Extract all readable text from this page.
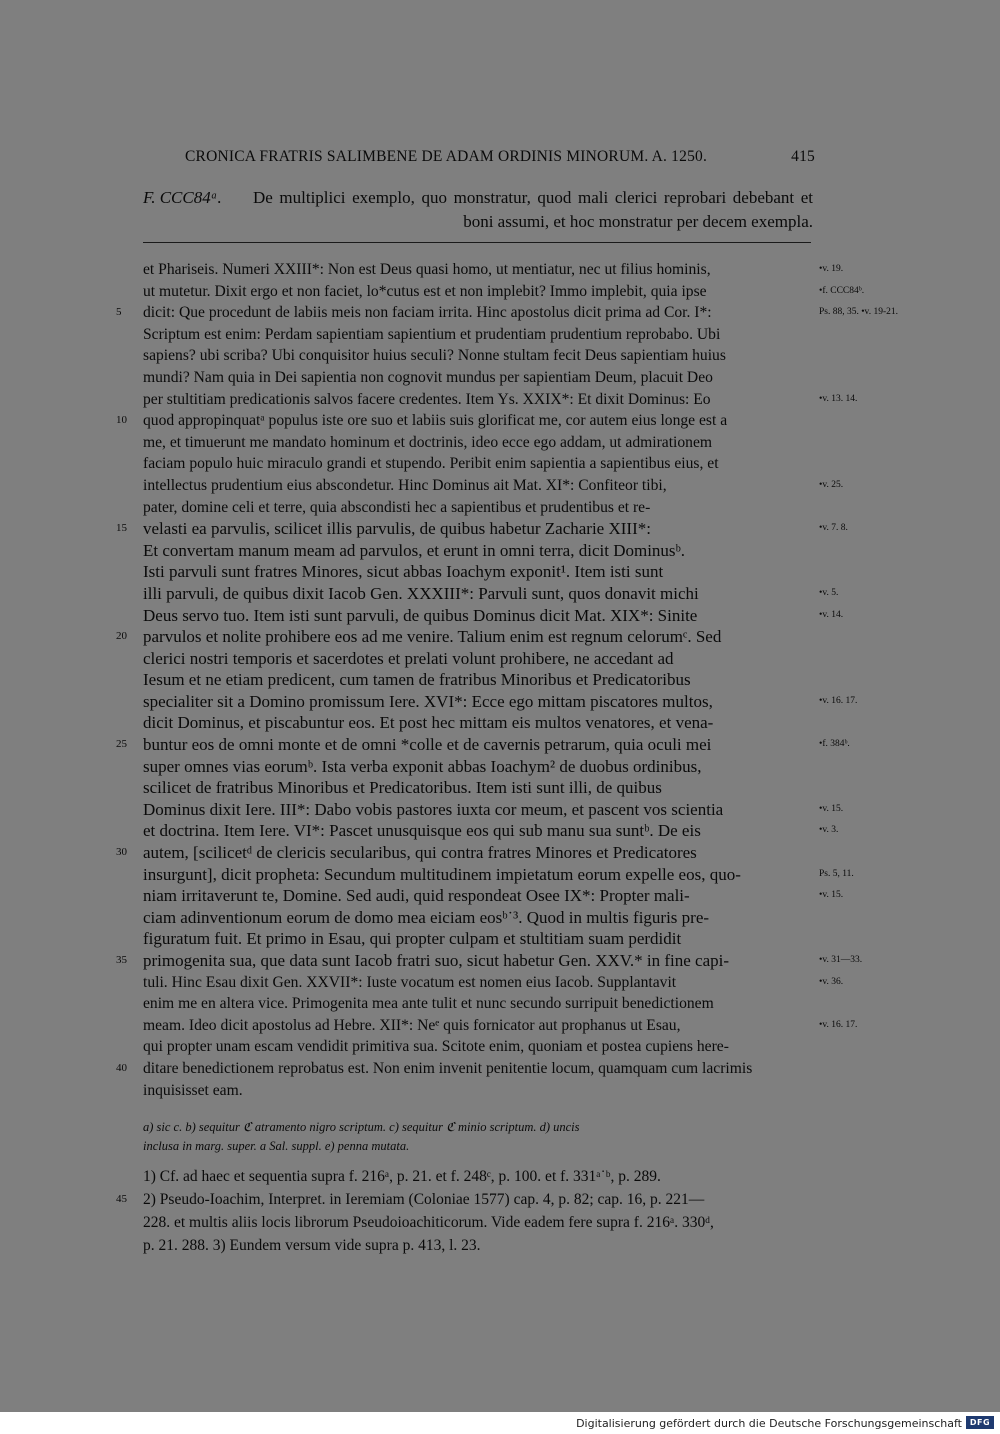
CRONICA FRATRIS SALIMBENE DE ADAM ORDINIS MINORUM. A. 1250.	415
F. CCC84ᵃ. De multiplici exemplo, quo monstratur, quod mali clerici reprobari debebant et boni assumi, et hoc monstratur per decem exempla.
et Phariseis. Numeri XXIII*: Non est Deus quasi homo, ut mentiatur, nec ut filius hominis,	•v. 19.
ut mutetur. Dixit ergo et non faciet, lo*cutus est et non implebit? Immo implebit, quia ipse	•f. CCC84ᵇ.
5 dicit: Que procedunt de labiis meis non faciam irrita. Hinc apostolus dicit prima ad Cor. I*:	Ps. 88, 35. •v. 19-21.
Scriptum est enim: Perdam sapientiam sapientium et prudentiam prudentium reprobabo. Ubi
sapiens? ubi scriba? Ubi conquisitor huius seculi? Nonne stultam fecit Deus sapientiam huius
mundi? Nam quia in Dei sapientia non cognovit mundus per sapientiam Deum, placuit Deo
per stultitiam predicationis salvos facere credentes. Item Ys. XXIX*: Et dixit Dominus: Eo	•v. 13. 14.
10 quod appropinquatᵃ populus iste ore suo et labiis suis glorificat me, cor autem eius longe est a
me, et timuerunt me mandato hominum et doctrinis, ideo ecce ego addam, ut admirationem
faciam populo huic miraculo grandi et stupendo. Peribit enim sapientia a sapientibus eius, et
intellectus prudentium eius abscondetur. Hinc Dominus ait Mat. XI*: Confiteor tibi,	•v. 25.
pater, domine celi et terre, quia abscondisti hec a sapientibus et prudentibus et re-
15 velasti ea parvulis, scilicet illis parvulis, de quibus habetur Zacharie XIII*:	•v. 7. 8.
Et convertam manum meam ad parvulos, et erunt in omni terra, dicit Dominusᵇ.
Isti parvuli sunt fratres Minores, sicut abbas Ioachym exponit¹. Item isti sunt
illi parvuli, de quibus dixit Iacob Gen. XXXIII*: Parvuli sunt, quos donavit michi	•v. 5.
Deus servo tuo. Item isti sunt parvuli, de quibus Dominus dicit Mat. XIX*: Sinite	•v. 14.
20 parvulos et nolite prohibere eos ad me venire. Talium enim est regnum celorumᶜ. Sed
clerici nostri temporis et sacerdotes et prelati volunt prohibere, ne accedant ad
Iesum et ne etiam predicent, cum tamen de fratribus Minoribus et Predicatoribus
specialiter sit a Domino promissum Iere. XVI*: Ecce ego mittam piscatores multos,	•v. 16. 17.
dicit Dominus, et piscabuntur eos. Et post hec mittam eis multos venatores, et vena-
25 buntur eos de omni monte et de omni *colle et de cavernis petrarum, quia oculi mei	•f. 384ᵇ.
super omnes vias eorumᵇ. Ista verba exponit abbas Ioachym² de duobus ordinibus,
scilicet de fratribus Minoribus et Predicatoribus. Item isti sunt illi, de quibus
Dominus dixit Iere. III*: Dabo vobis pastores iuxta cor meum, et pascent vos scientia	•v. 15.
et doctrina. Item Iere. VI*: Pascet unusquisque eos qui sub manu sua suntᵇ. De eis	•v. 3.
30 autem, [scilicetᵈ de clericis secularibus, qui contra fratres Minores et Predicatores
insurgunt], dicit propheta: Secundum multitudinem impietatum eorum expelle eos, quo-	Ps. 5, 11.
niam irritaverunt te, Domine. Sed audi, quid respondeat Osee IX*: Propter mali-	•v. 15.
ciam adinventionum eorum de domo mea eiciam eosᵇ˙³. Quod in multis figuris pre-
figuratum fuit. Et primo in Esau, qui propter culpam et stultitiam suam perdidit
35 primogenita sua, que data sunt Iacob fratri suo, sicut habetur Gen. XXV.* in fine capi-	•v. 31—33.
tuli. Hinc Esau dixit Gen. XXVII*: Iuste vocatum est nomen eius Iacob. Supplantavit	•v. 36.
enim me en altera vice. Primogenita mea ante tulit et nunc secundo surripuit benedictionem
meam. Ideo dicit apostolus ad Hebre. XII*: Neᵉ quis fornicator aut prophanus ut Esau,	•v. 16. 17.
qui propter unam escam vendidit primitiva sua. Scitote enim, quoniam et postea cupiens here-
40 ditare benedictionem reprobatus est. Non enim invenit penitentie locum, quamquam cum lacrimis
inquisisset eam.
a) sic c. b) sequitur ℭ atramento nigro scriptum. c) sequitur ℭ minio scriptum. d) uncis
inclusa in marg. super. a Sal. suppl. e) penna mutata.
1) Cf. ad haec et sequentia supra f. 216ᵃ, p. 21. et f. 248ᶜ, p. 100. et f. 331ᵃ˙ᵇ, p. 289.
45 2) Pseudo-Ioachim, Interpret. in Ieremiam (Coloniae 1577) cap. 4, p. 82; cap. 16, p. 221—
228. et multis aliis locis librorum Pseudoioachiticorum. Vide eadem fere supra f. 216ᵃ. 330ᵈ,
p. 21. 288. 3) Eundem versum vide supra p. 413, l. 23.
Digitalisierung gefördert durch die Deutsche Forschungsgemeinschaft DFG
